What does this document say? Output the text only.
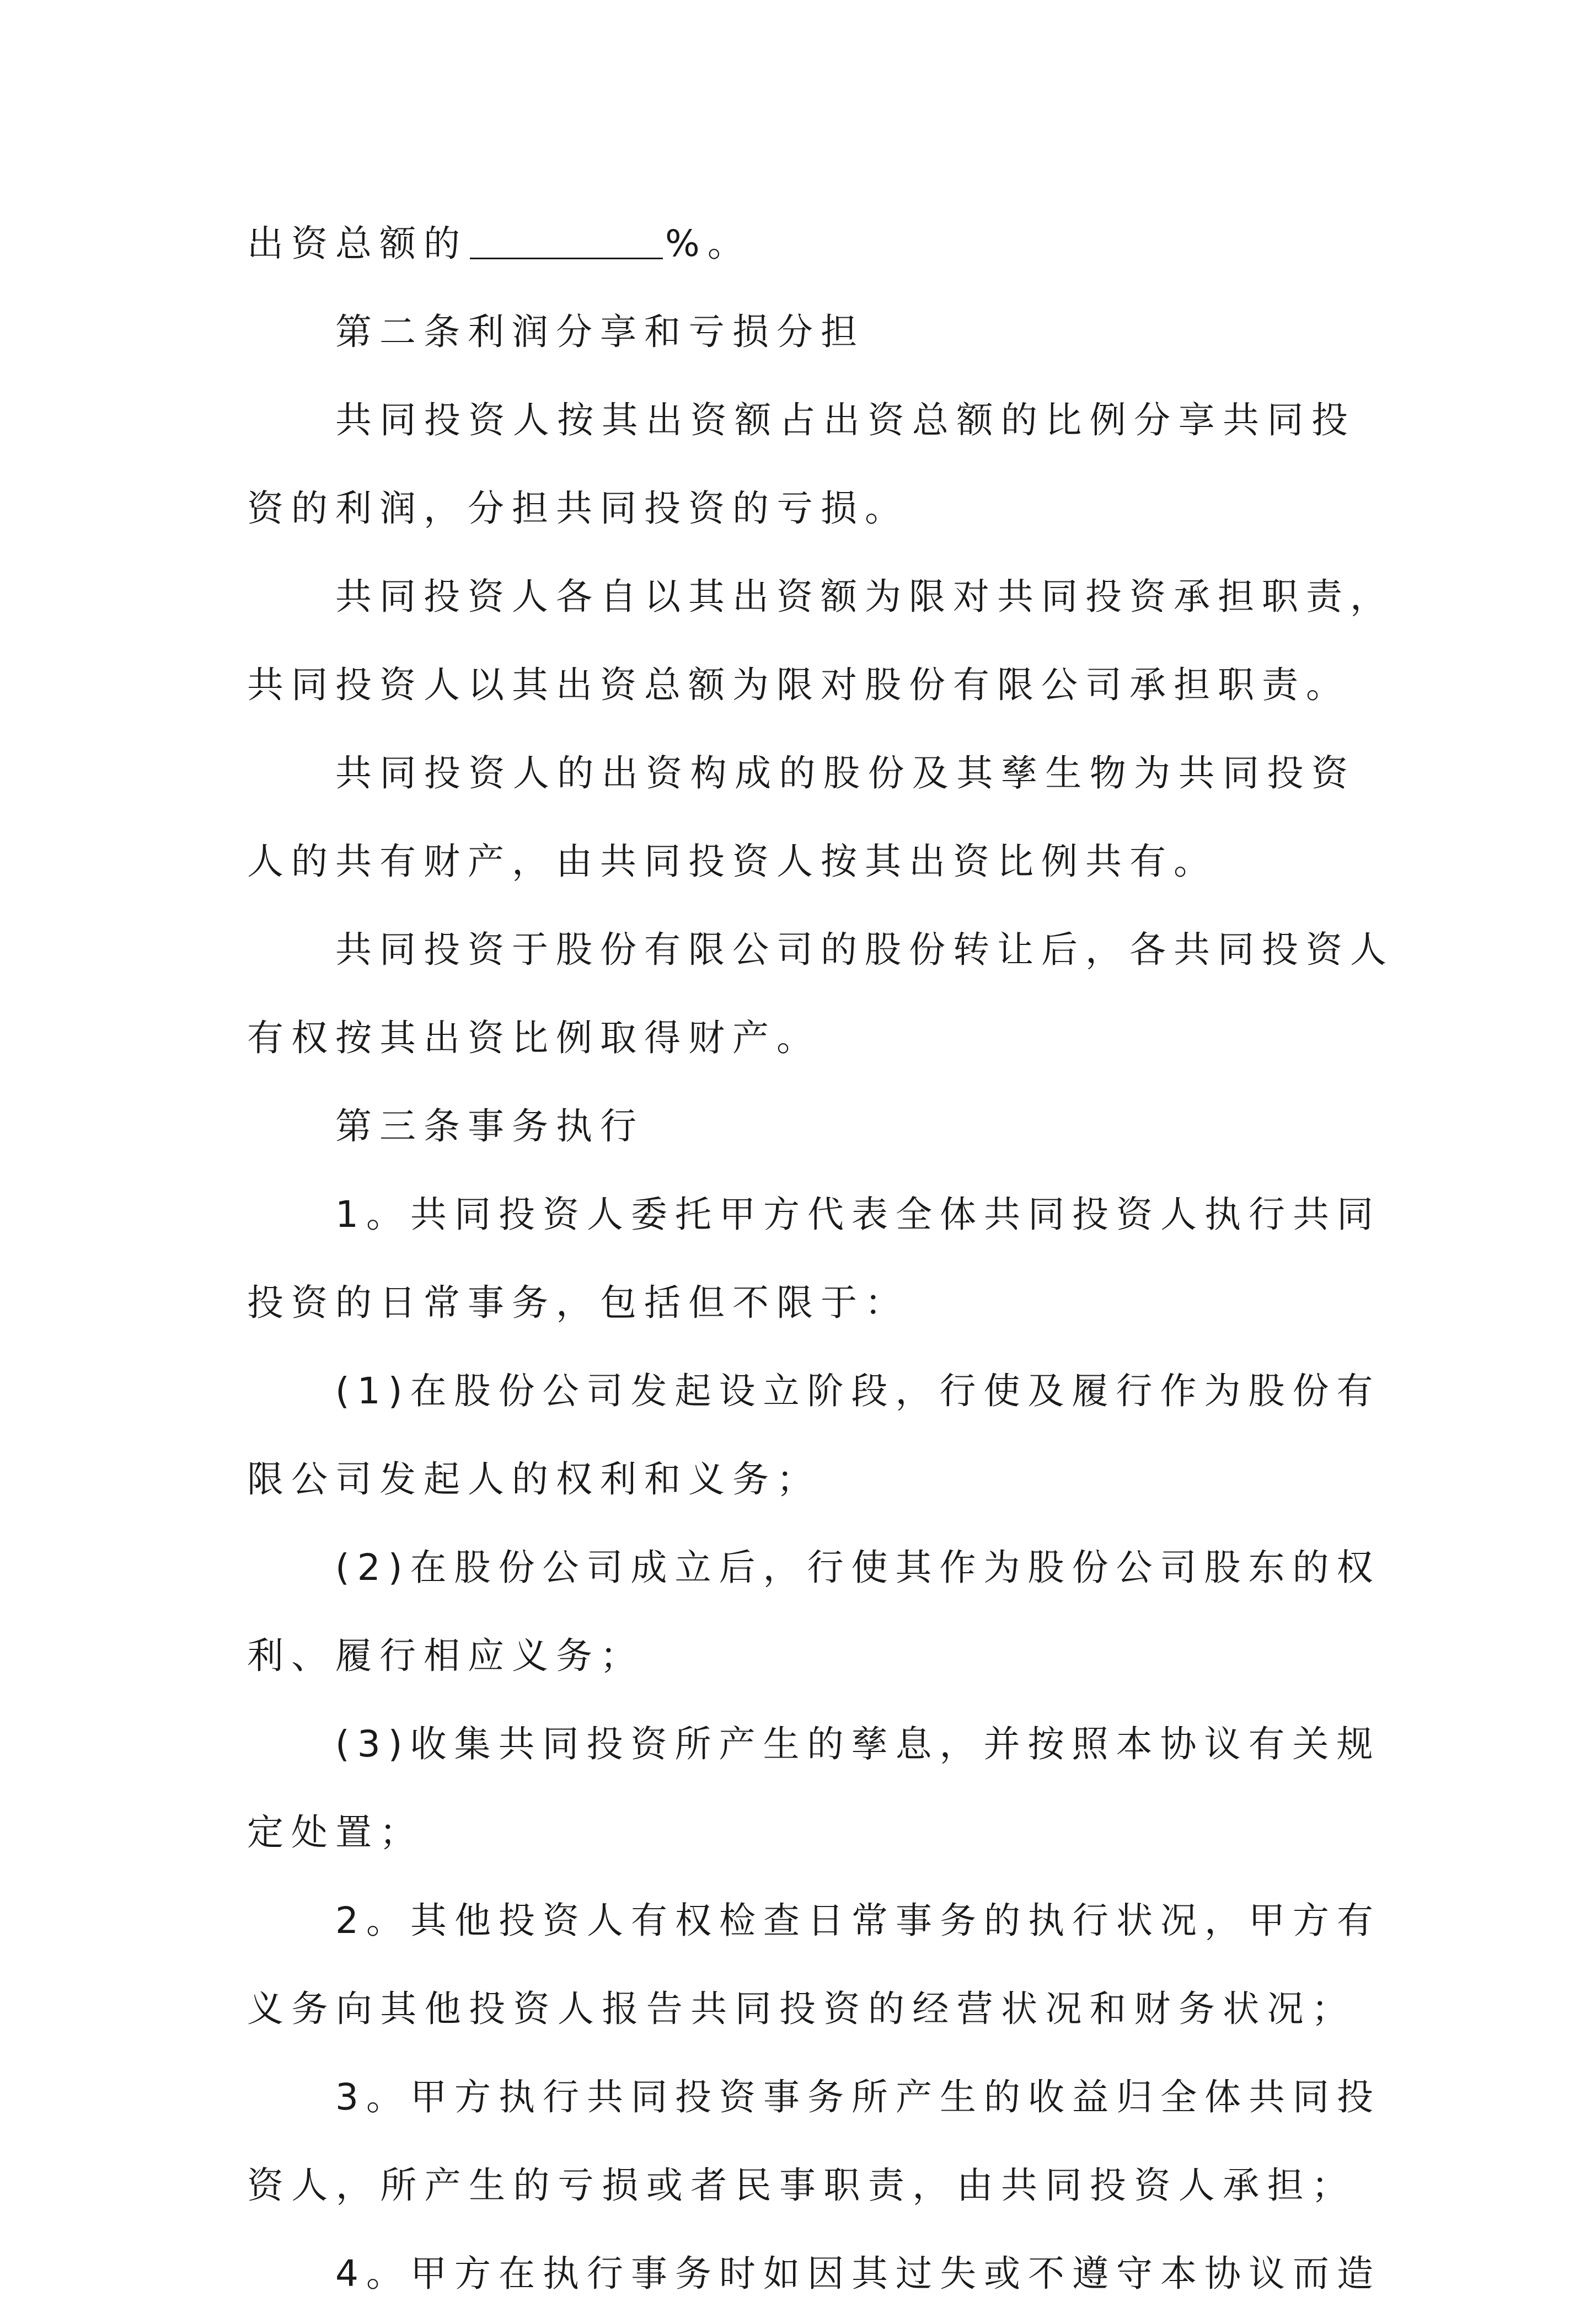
出资总额的	%。
第二条利润分享和亏损分担
共同投资人按其出资额占出资总额的比例分享共同投
资的利润，分担共同投资的亏损。
共同投资人各自以其出资额为限对共同投资承担职责，
共同投资人以其出资总额为限对股份有限公司承担职责。
共同投资人的出资构成的股份及其孳生物为共同投资
人的共有财产，由共同投资人按其出资比例共有。
共同投资于股份有限公司的股份转让后，各共同投资人
有权按其出资比例取得财产。
第三条事务执行
1。共同投资人委托甲方代表全体共同投资人执行共同
投资的日常事务，包括但不限于：
(1)在股份公司发起设立阶段，行使及履行作为股份有
限公司发起人的权利和义务；
(2)在股份公司成立后，行使其作为股份公司股东的权
利、履行相应义务；
(3)收集共同投资所产生的孳息，并按照本协议有关规
定处置；
2。其他投资人有权检查日常事务的执行状况，甲方有
义务向其他投资人报告共同投资的经营状况和财务状况；
3。甲方执行共同投资事务所产生的收益归全体共同投
资人，所产生的亏损或者民事职责，由共同投资人承担；
4。甲方在执行事务时如因其过失或不遵守本协议而造
